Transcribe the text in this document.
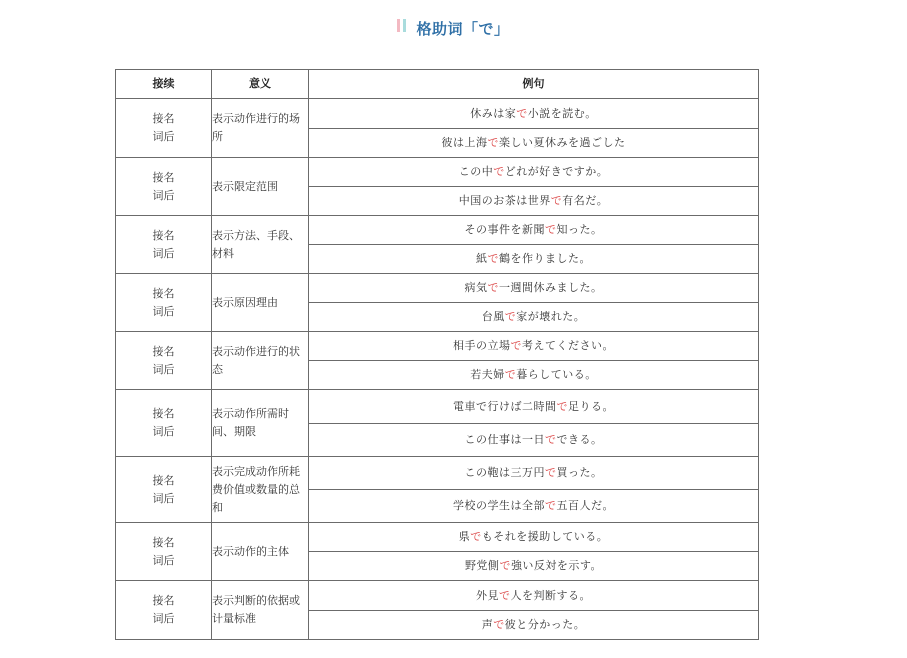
格助词「で」
接续	意义	例句
接名
词后	表示动作进行的场所	休みは家で小説を読む。
		彼は上海で楽しい夏休みを過ごした
接名
词后	表示限定范围	この中でどれが好きですか。
		中国のお茶は世界で有名だ。
接名
词后	表示方法、手段、材料	その事件を新聞で知った。
		紙で鶴を作りました。
接名
词后	表示原因理由	病気で一週間休みました。
		台風で家が壊れた。
接名
词后	表示动作进行的状态	相手の立場で考えてください。
		若夫婦で暮らしている。
接名
词后	表示动作所需时间、期限	電車で行けば二時間で足りる。
		この仕事は一日でできる。
接名
词后	表示完成动作所耗费价值或数量的总和	この鞄は三万円で買った。
		学校の学生は全部で五百人だ。
接名
词后	表示动作的主体	県でもそれを援助している。
		野党側で強い反対を示す。
接名
词后	表示判断的依据或计量标准	外見で人を判断する。
		声で彼と分かった。
